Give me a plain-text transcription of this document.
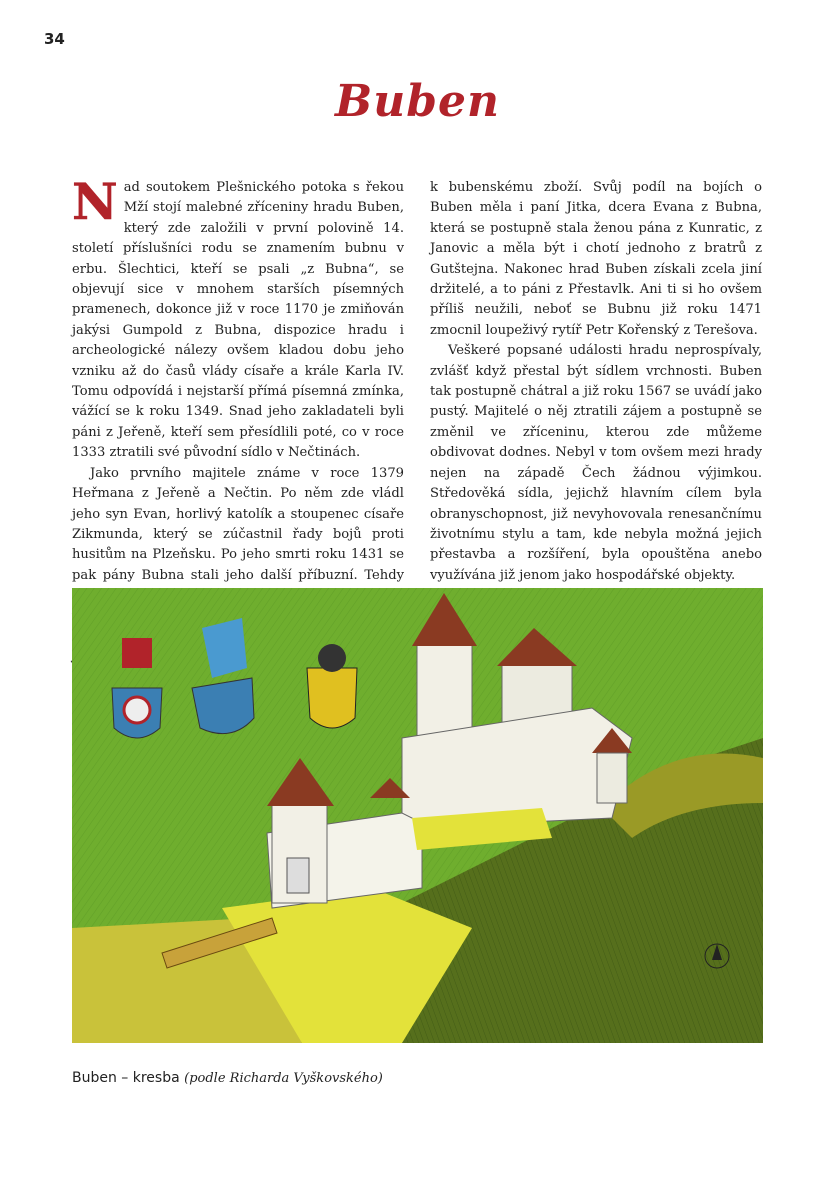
34
Buben

Nad soutokem Plešnického potoka s řekou Mží stojí malebné zříceniny hradu Buben, který zde založili v první polovině 14. století příslušníci rodu se znamením bubnu v erbu. Šlechtici, kteří se psali „z Bubna“, se objevují sice v mnohem starších písemných pramenech, dokonce již v roce 1170 je zmiňován jakýsi Gumpold z Bubna, dispozice hradu i archeologické nálezy ovšem kladou dobu jeho vzniku až do časů vlády císaře a krále Karla IV. Tomu odpovídá i nejstarší přímá písemná zmínka, vážící se k roku 1349. Snad jeho zakladateli byli páni z Jeřeně, kteří sem přesídlili poté, co v roce 1333 ztratili své původní sídlo v Nečtinách.

Jako prvního majitele známe v roce 1379 Heřmana z Jeřeně a Nečtin. Po něm zde vládl jeho syn Evan, horlivý katolík a stoupenec císaře Zikmunda, který se zúčastnil řady bojů proti husitům na Plzeňsku. Po jeho smrti roku 1431 se pak pány Bubna stali jeho další příbuzní. Tehdy

k bubenskému zboží. Svůj podíl na bojích o Buben měla i paní Jitka, dcera Evana z Bubna, která se postupně stala ženou pána z Kunratic, z Janovic a měla být i chotí jednoho z bratrů z Gutštejna. Nakonec hrad Buben získali zcela jiní držitelé, a to páni z Přestavlk. Ani ti si ho ovšem příliš neužili, neboť se Bubnu již roku 1471 zmocnil loupeživý rytíř Petr Kořenský z Terešova.

Veškeré popsané události hradu neprospívaly, zvlášť když přestal být sídlem vrchnosti. Buben tak postupně chátral a již roku 1567 se uvádí jako pustý. Majitelé o něj ztratili zájem a postupně se změnil ve zříceninu, kterou zde můžeme obdivovat dodnes. Nebyl v tom ovšem mezi hrady nejen na západě Čech žádnou výjimkou. Středověká sídla, jejichž hlavním cílem byla obranyschopnost, již nevyhovovala renesančnímu životnímu stylu a tam, kde nebyla možná jejich přestavba a rozšíření, byla opouštěna anebo využívána již jenom jako hospodářské objekty.

Buben – kresba (podle Richarda Vyškovského)
